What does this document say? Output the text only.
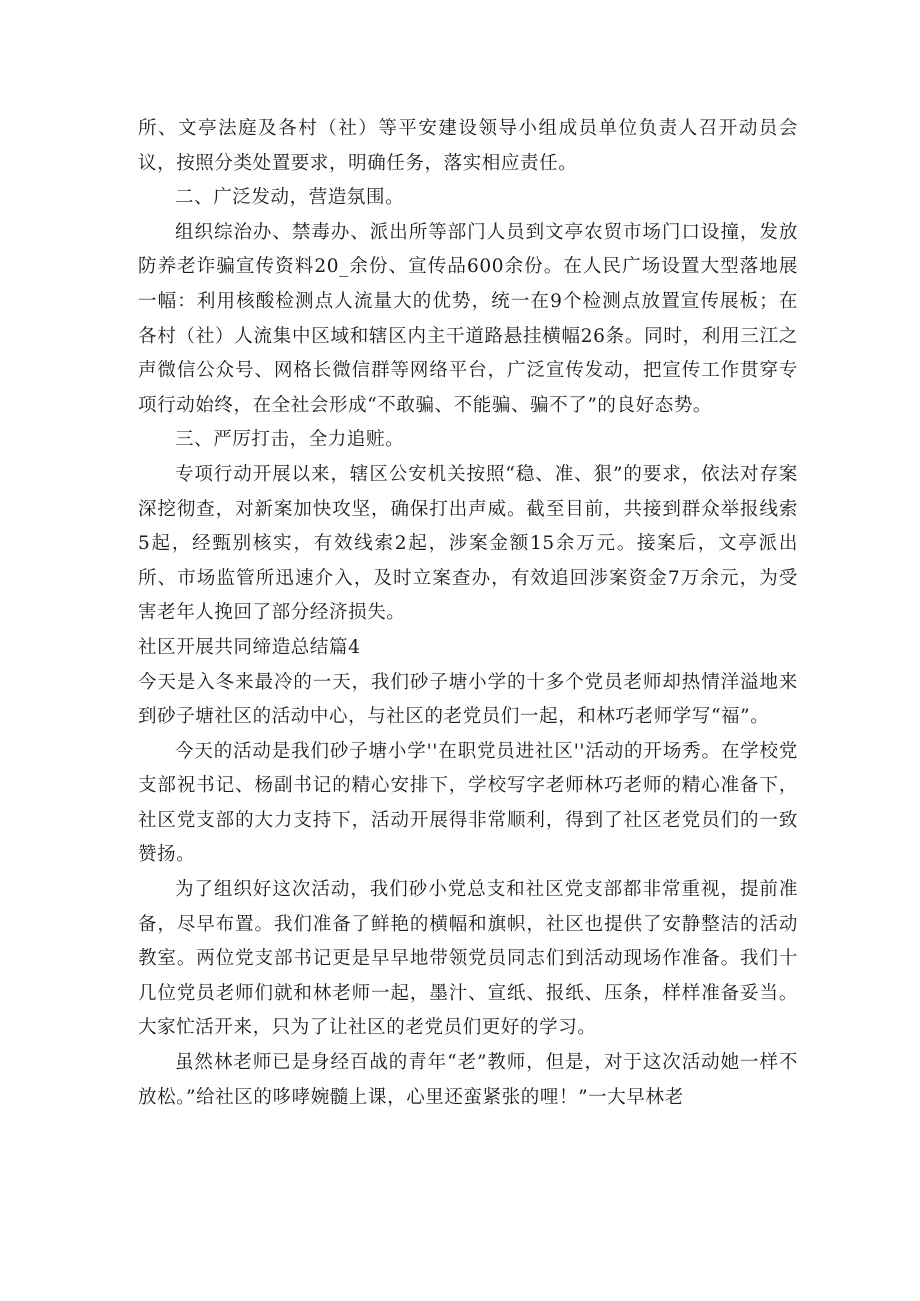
所、文亭法庭及各村（社）等平安建设领导小组成员单位负责人召开动员会议，按照分类处置要求，明确任务，落实相应责任。

二、广泛发动，营造氛围。

组织综治办、禁毒办、派出所等部门人员到文亭农贸市场门口设撞，发放防养老诈骗宣传资料20_余份、宣传品600余份。在人民广场设置大型落地展一幅：利用核酸检测点人流量大的优势，统一在9个检测点放置宣传展板；在各村（社）人流集中区域和辖区内主干道路悬挂横幅26条。同时，利用三江之声微信公众号、网格长微信群等网络平台，广泛宣传发动，把宣传工作贯穿专项行动始终，在全社会形成“不敢骗、不能骗、骗不了”的良好态势。

三、严厉打击，全力追赃。

专项行动开展以来，辖区公安机关按照“稳、准、狠”的要求，依法对存案深挖彻查，对新案加快攻坚，确保打出声威。截至目前，共接到群众举报线索5起，经甄别核实，有效线索2起，涉案金额15余万元。接案后，文亭派出所、市场监管所迅速介入，及时立案查办，有效追回涉案资金7万余元，为受害老年人挽回了部分经济损失。

社区开展共同缔造总结篇4

今天是入冬来最冷的一天，我们砂子塘小学的十多个党员老师却热情洋溢地来到砂子塘社区的活动中心，与社区的老党员们一起，和林巧老师学写“福”。

今天的活动是我们砂子塘小学''在职党员进社区''活动的开场秀。在学校党支部祝书记、杨副书记的精心安排下，学校写字老师林巧老师的精心准备下，社区党支部的大力支持下，活动开展得非常顺利，得到了社区老党员们的一致赞扬。

为了组织好这次活动，我们砂小党总支和社区党支部都非常重视，提前准备，尽早布置。我们准备了鲜艳的横幅和旗帜，社区也提供了安静整洁的活动教室。两位党支部书记更是早早地带领党员同志们到活动现场作准备。我们十几位党员老师们就和林老师一起，墨汁、宣纸、报纸、压条，样样准备妥当。大家忙活开来，只为了让社区的老党员们更好的学习。

虽然林老师已是身经百战的青年“老”教师，但是，对于这次活动她一样不放松。”给社区的哆哮婉髓上课，心里还蛮紧张的哩！”一大早林老
